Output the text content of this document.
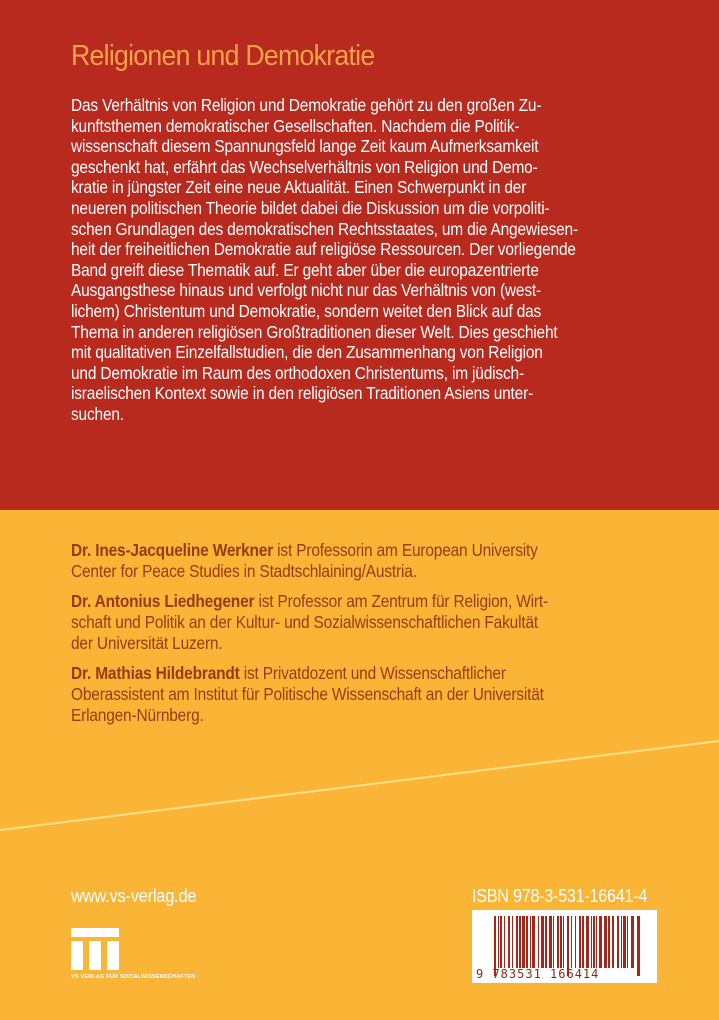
Religionen und Demokratie
Das Verhältnis von Religion und Demokratie gehört zu den großen Zu-
kunftsthemen demokratischer Gesellschaften. Nachdem die Politik-
wissenschaft diesem Spannungsfeld lange Zeit kaum Aufmerksamkeit
geschenkt hat, erfährt das Wechselverhältnis von Religion und Demo-
kratie in jüngster Zeit eine neue Aktualität. Einen Schwerpunkt in der
neueren politischen Theorie bildet dabei die Diskussion um die vorpoliti-
schen Grundlagen des demokratischen Rechtsstaates, um die Angewiesen-
heit der freiheitlichen Demokratie auf religiöse Ressourcen. Der vorliegende
Band greift diese Thematik auf. Er geht aber über die europazentrierte
Ausgangsthese hinaus und verfolgt nicht nur das Verhältnis von (west-
lichem) Christentum und Demokratie, sondern weitet den Blick auf das
Thema in anderen religiösen Großtraditionen dieser Welt. Dies geschieht
mit qualitativen Einzelfallstudien, die den Zusammenhang von Religion
und Demokratie im Raum des orthodoxen Christentums, im jüdisch-
israelischen Kontext sowie in den religiösen Traditionen Asiens unter-
suchen.
Dr. Ines-Jacqueline Werkner ist Professorin am European University
Center for Peace Studies in Stadtschlaining/Austria.
Dr. Antonius Liedhegener ist Professor am Zentrum für Religion, Wirt-
schaft und Politik an der Kultur- und Sozialwissenschaftlichen Fakultät
der Universität Luzern.
Dr. Mathias Hildebrandt ist Privatdozent und Wissenschaftlicher
Oberassistent am Institut für Politische Wissenschaft an der Universität
Erlangen-Nürnberg.
www.vs-verlag.de
VS VERLAG FÜR SOZIALWISSENSCHAFTEN
ISBN 978-3-531-16641-4
9 783531 166414
